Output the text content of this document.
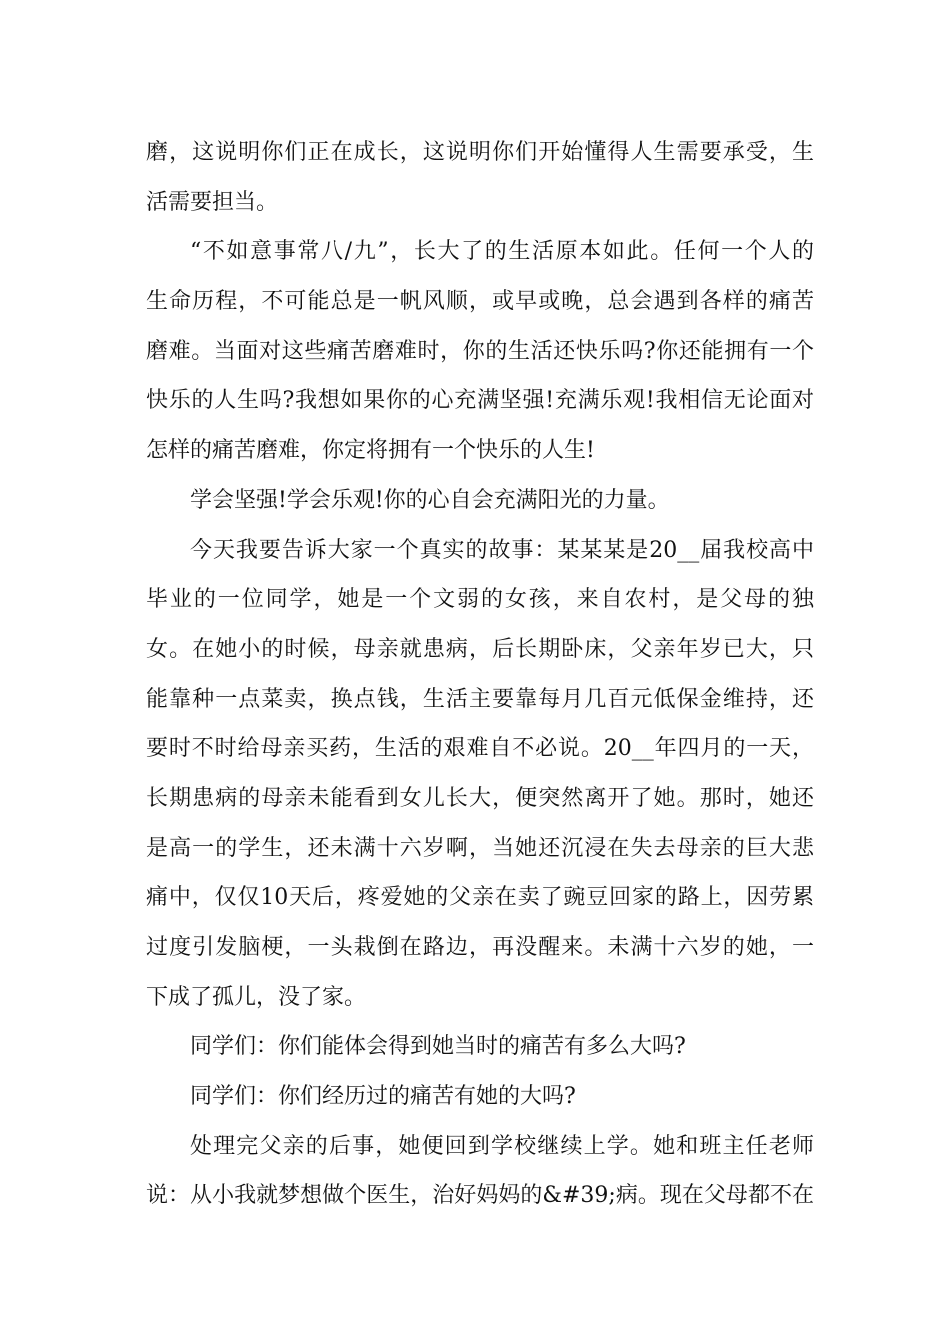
磨，这说明你们正在成长，这说明你们开始懂得人生需要承受，生
活需要担当。
“不如意事常八/九”，长大了的生活原本如此。任何一个人的
生命历程，不可能总是一帆风顺，或早或晚，总会遇到各样的痛苦
磨难。当面对这些痛苦磨难时，你的生活还快乐吗?你还能拥有一个
快乐的人生吗?我想如果你的心充满坚强!充满乐观!我相信无论面对
怎样的痛苦磨难，你定将拥有一个快乐的人生!
学会坚强!学会乐观!你的心自会充满阳光的力量。
今天我要告诉大家一个真实的故事：某某某是20__届我校高中
毕业的一位同学，她是一个文弱的女孩，来自农村，是父母的独
女。在她小的时候，母亲就患病，后长期卧床，父亲年岁已大，只
能靠种一点菜卖，换点钱，生活主要靠每月几百元低保金维持，还
要时不时给母亲买药，生活的艰难自不必说。20__年四月的一天，
长期患病的母亲未能看到女儿长大，便突然离开了她。那时，她还
是高一的学生，还未满十六岁啊，当她还沉浸在失去母亲的巨大悲
痛中，仅仅10天后，疼爱她的父亲在卖了豌豆回家的路上，因劳累
过度引发脑梗，一头栽倒在路边，再没醒来。未满十六岁的她，一
下成了孤儿，没了家。
同学们：你们能体会得到她当时的痛苦有多么大吗?
同学们：你们经历过的痛苦有她的大吗?
处理完父亲的后事，她便回到学校继续上学。她和班主任老师
说：从小我就梦想做个医生，治好妈妈的&#39;病。现在父母都不在
